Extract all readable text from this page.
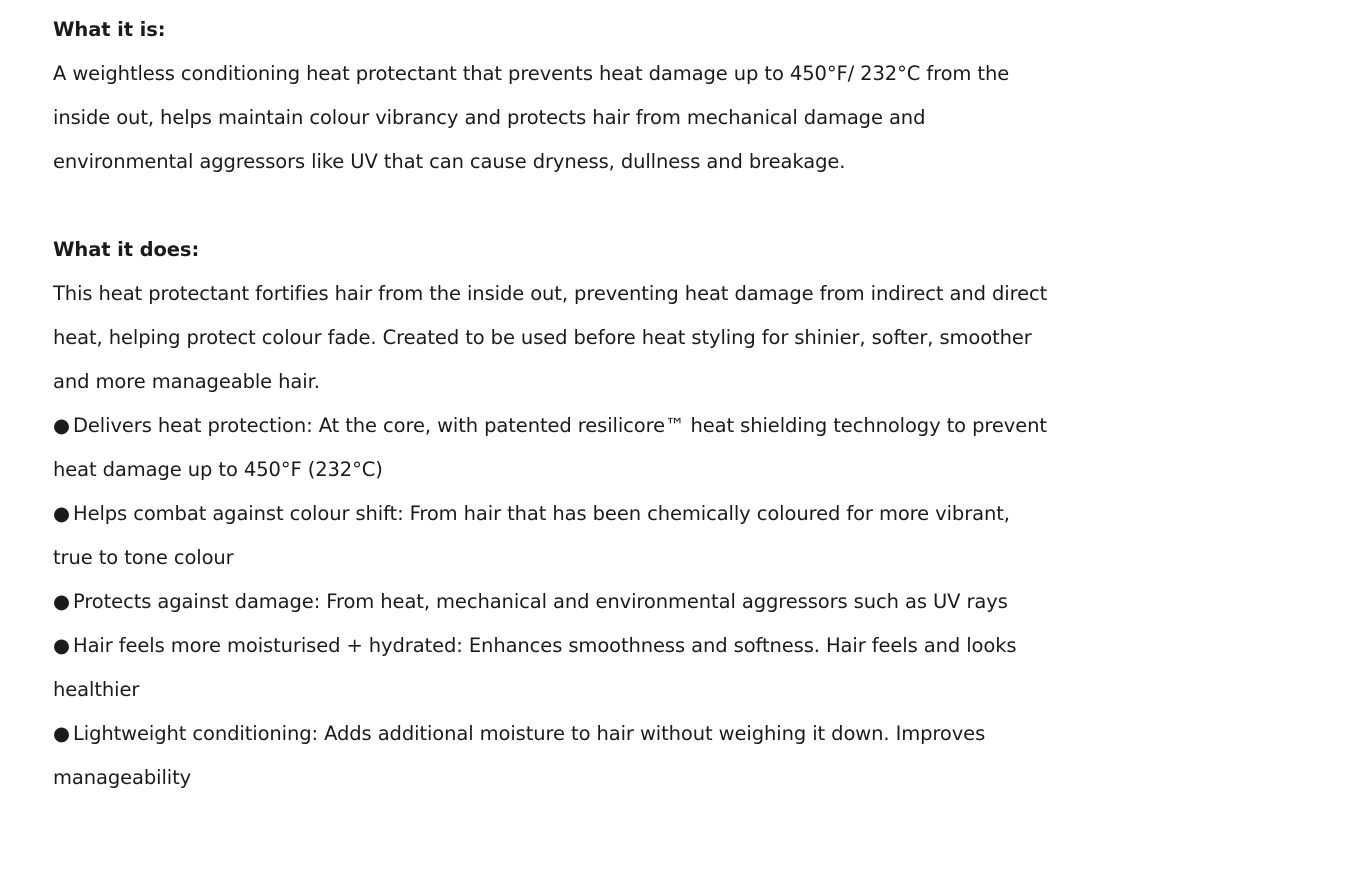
What it is:

A weightless conditioning heat protectant that prevents heat damage up to 450°F/ 232°C from the inside out, helps maintain colour vibrancy and protects hair from mechanical damage and environmental aggressors like UV that can cause dryness, dullness and breakage.

What it does:

This heat protectant fortifies hair from the inside out, preventing heat damage from indirect and direct heat, helping protect colour fade. Created to be used before heat styling for shinier, softer, smoother and more manageable hair.

● Delivers heat protection: At the core, with patented resilicore™ heat shielding technology to prevent heat damage up to 450°F (232°C)
● Helps combat against colour shift: From hair that has been chemically coloured for more vibrant, true to tone colour
● Protects against damage: From heat, mechanical and environmental aggressors such as UV rays
● Hair feels more moisturised + hydrated: Enhances smoothness and softness. Hair feels and looks healthier
● Lightweight conditioning: Adds additional moisture to hair without weighing it down. Improves manageability
